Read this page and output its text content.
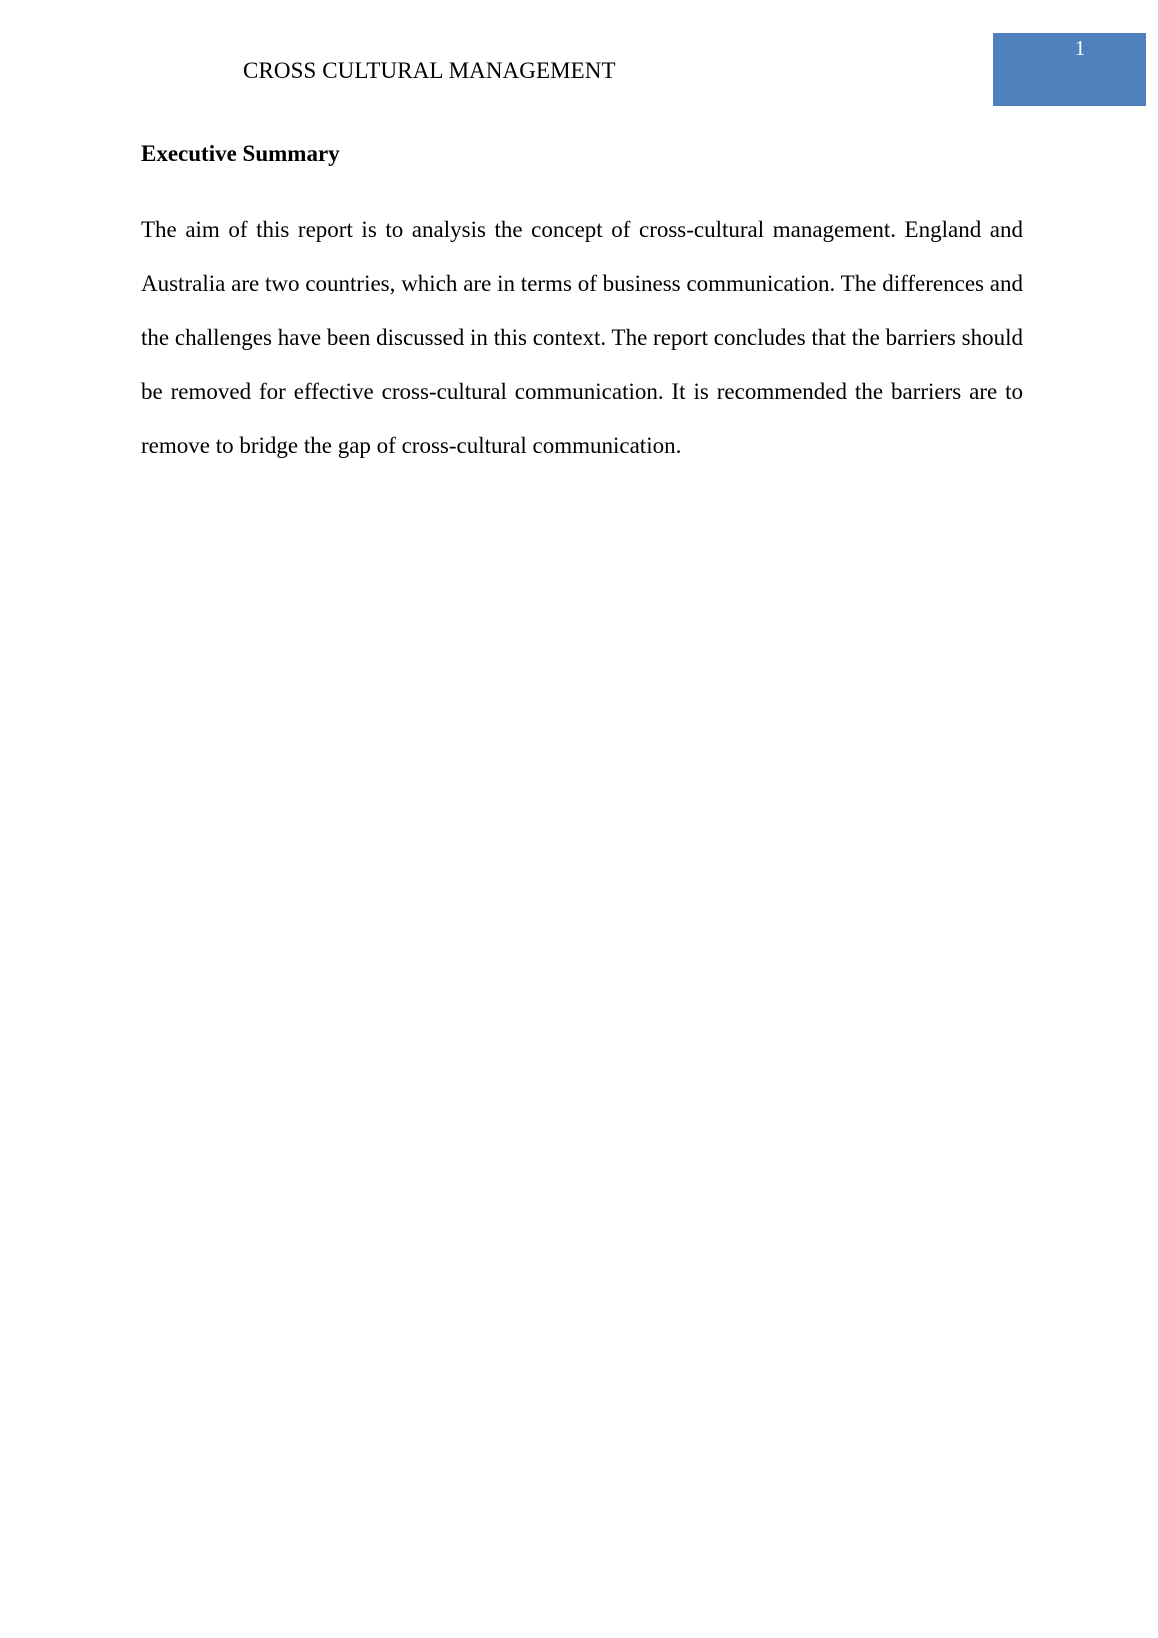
CROSS CULTURAL MANAGEMENT
1
Executive Summary

The aim of this report is to analysis the concept of cross-cultural management. England and Australia are two countries, which are in terms of business communication. The differences and the challenges have been discussed in this context. The report concludes that the barriers should be removed for effective cross-cultural communication. It is recommended the barriers are to remove to bridge the gap of cross-cultural communication.
